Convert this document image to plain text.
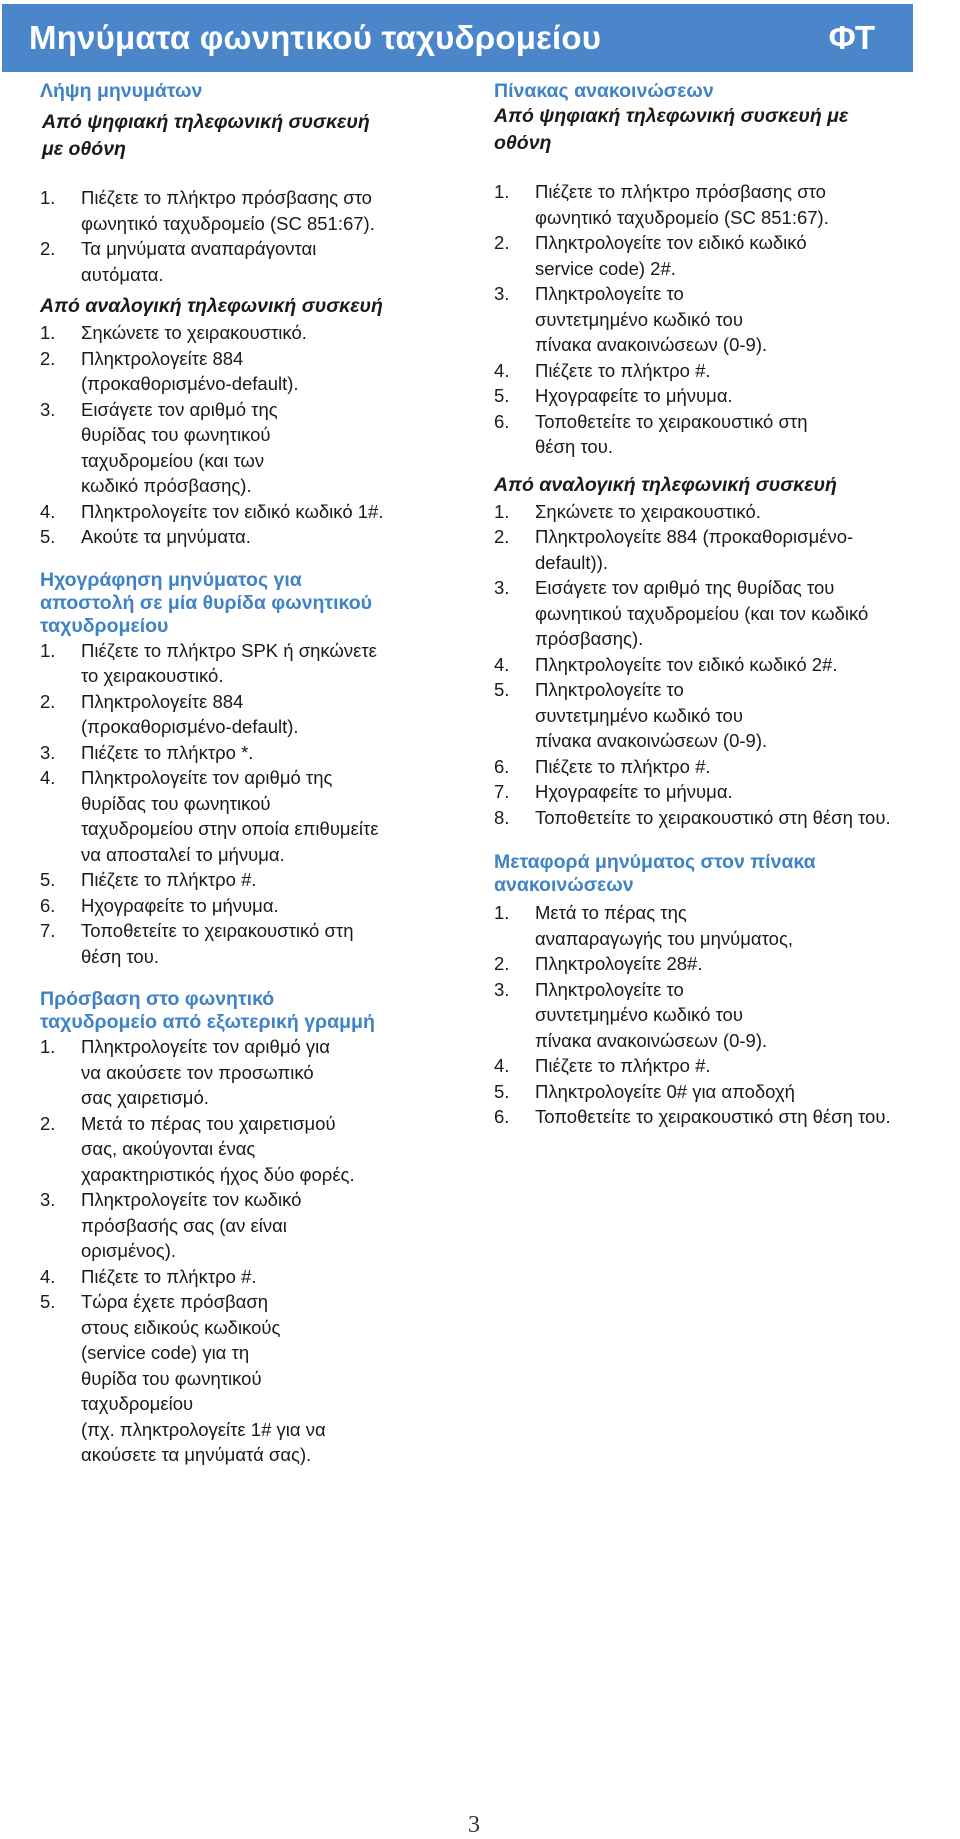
Μηνύματα φωνητικού ταχυδρομείου	ΦΤ
Λήψη μηνυμάτων
Από ψηφιακή τηλεφωνική συσκευή
με οθόνη
1. Πιέζετε το πλήκτρο πρόσβασης στο
φωνητικό ταχυδρομείο (SC 851:67).
2. Τα μηνύματα αναπαράγονται
αυτόματα.
Από αναλογική τηλεφωνική συσκευή
1. Σηκώνετε το χειρακουστικό.
2. Πληκτρολογείτε 884
(προκαθορισμένο-default).
3. Εισάγετε τον αριθμό της
θυρίδας του φωνητικού
ταχυδρομείου (και των
κωδικό πρόσβασης).
4. Πληκτρολογείτε τον ειδικό κωδικό 1#.
5. Ακούτε τα μηνύματα.
Ηχογράφηση μηνύματος για
αποστολή σε μία θυρίδα φωνητικού
ταχυδρομείου
1. Πιέζετε το πλήκτρο SPK ή σηκώνετε
το χειρακουστικό.
2. Πληκτρολογείτε 884
(προκαθορισμένο-default).
3. Πιέζετε το πλήκτρο *.
4. Πληκτρολογείτε τον αριθμό της
θυρίδας του φωνητικού
ταχυδρομείου στην οποία επιθυμείτε
να αποσταλεί το μήνυμα.
5. Πιέζετε το πλήκτρο #.
6. Ηχογραφείτε το μήνυμα.
7. Τοποθετείτε το χειρακουστικό στη
θέση του.
Πρόσβαση στο φωνητικό
ταχυδρομείο από εξωτερική γραμμή
1. Πληκτρολογείτε τον αριθμό για
να ακούσετε τον προσωπικό
σας χαιρετισμό.
2. Μετά το πέρας του χαιρετισμού
σας, ακούγονται ένας
χαρακτηριστικός ήχος δύο φορές.
3. Πληκτρολογείτε τον κωδικό
πρόσβασής σας (αν είναι
ορισμένος).
4. Πιέζετε το πλήκτρο #.
5. Τώρα έχετε πρόσβαση
στους ειδικούς κωδικούς
(service code) για τη
θυρίδα του φωνητικού
ταχυδρομείου
(πχ. πληκτρολογείτε 1# για να
ακούσετε τα μηνύματά σας).
Πίνακας ανακοινώσεων
Από ψηφιακή τηλεφωνική συσκευή με
οθόνη
1. Πιέζετε το πλήκτρο πρόσβασης στο
φωνητικό ταχυδρομείο (SC 851:67).
2. Πληκτρολογείτε τον ειδικό κωδικό
service code) 2#.
3. Πληκτρολογείτε το
συντετμημένο κωδικό του
πίνακα ανακοινώσεων (0-9).
4. Πιέζετε το πλήκτρο #.
5. Ηχογραφείτε το μήνυμα.
6. Τοποθετείτε το χειρακουστικό στη
θέση του.
Από αναλογική τηλεφωνική συσκευή
1. Σηκώνετε το χειρακουστικό.
2. Πληκτρολογείτε 884 (προκαθορισμένο-
default)).
3. Εισάγετε τον αριθμό της θυρίδας του
φωνητικού ταχυδρομείου (και τον κωδικό
πρόσβασης).
4. Πληκτρολογείτε τον ειδικό κωδικό 2#.
5. Πληκτρολογείτε το
συντετμημένο κωδικό του
πίνακα ανακοινώσεων (0-9).
6. Πιέζετε το πλήκτρο #.
7. Ηχογραφείτε το μήνυμα.
8. Τοποθετείτε το χειρακουστικό στη θέση του.
Μεταφορά μηνύματος στον πίνακα
ανακοινώσεων
1. Μετά το πέρας της
αναπαραγωγής του μηνύματος,
2. Πληκτρολογείτε 28#.
3. Πληκτρολογείτε το
συντετμημένο κωδικό του
πίνακα ανακοινώσεων (0-9).
4. Πιέζετε το πλήκτρο #.
5. Πληκτρολογείτε 0# για αποδοχή
6. Τοποθετείτε το χειρακουστικό στη θέση του.
3
